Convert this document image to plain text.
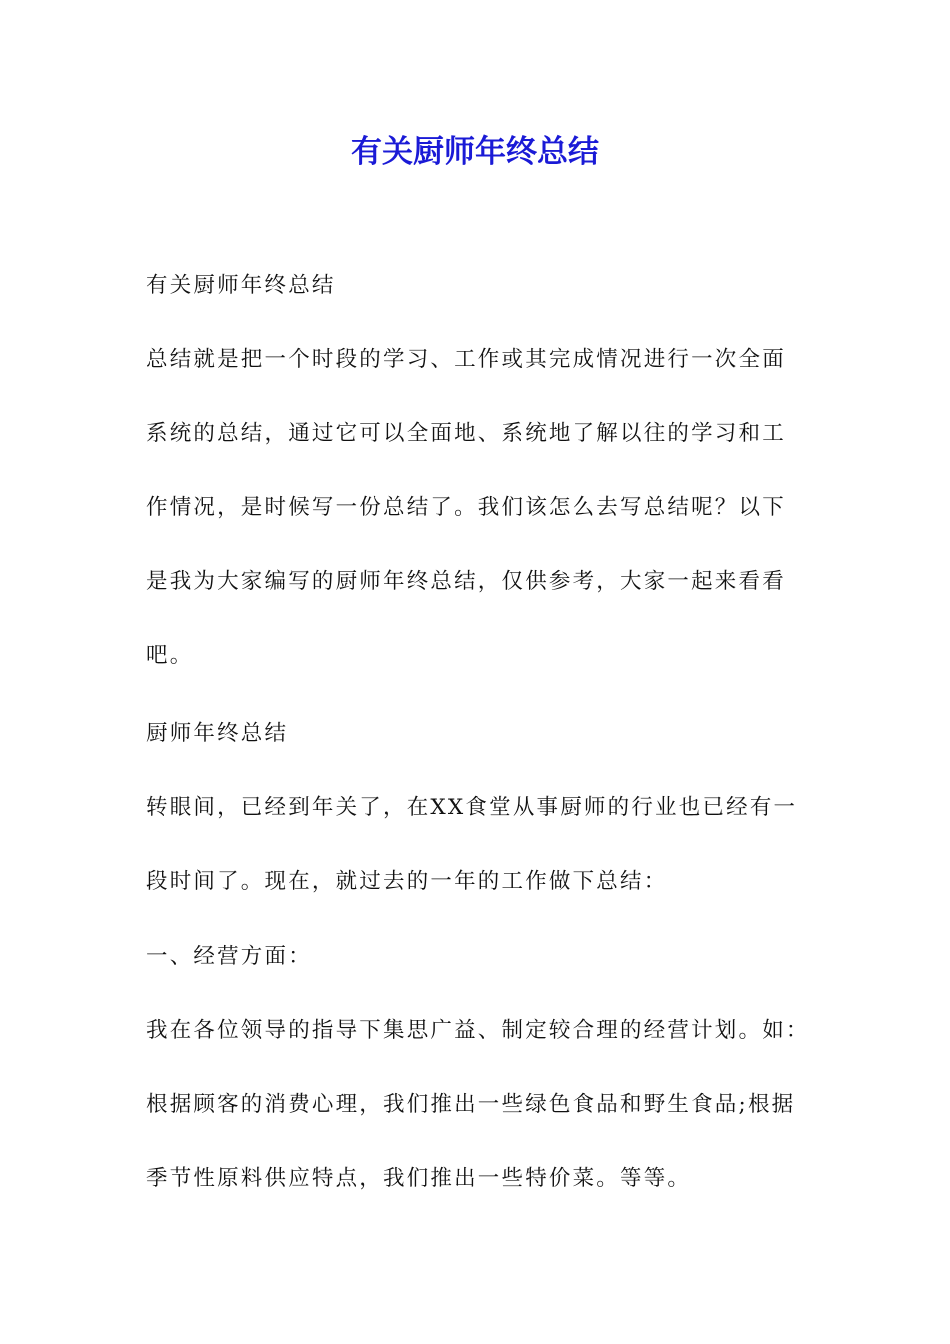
有关厨师年终总结

有关厨师年终总结

总结就是把一个时段的学习、工作或其完成情况进行一次全面
系统的总结，通过它可以全面地、系统地了解以往的学习和工
作情况，是时候写一份总结了。我们该怎么去写总结呢？以下
是我为大家编写的厨师年终总结，仅供参考，大家一起来看看
吧。

厨师年终总结

转眼间，已经到年关了，在XX食堂从事厨师的行业也已经有一
段时间了。现在，就过去的一年的工作做下总结：

一、经营方面：

我在各位领导的指导下集思广益、制定较合理的经营计划。如：
根据顾客的消费心理，我们推出一些绿色食品和野生食品;根据
季节性原料供应特点，我们推出一些特价菜。等等。
